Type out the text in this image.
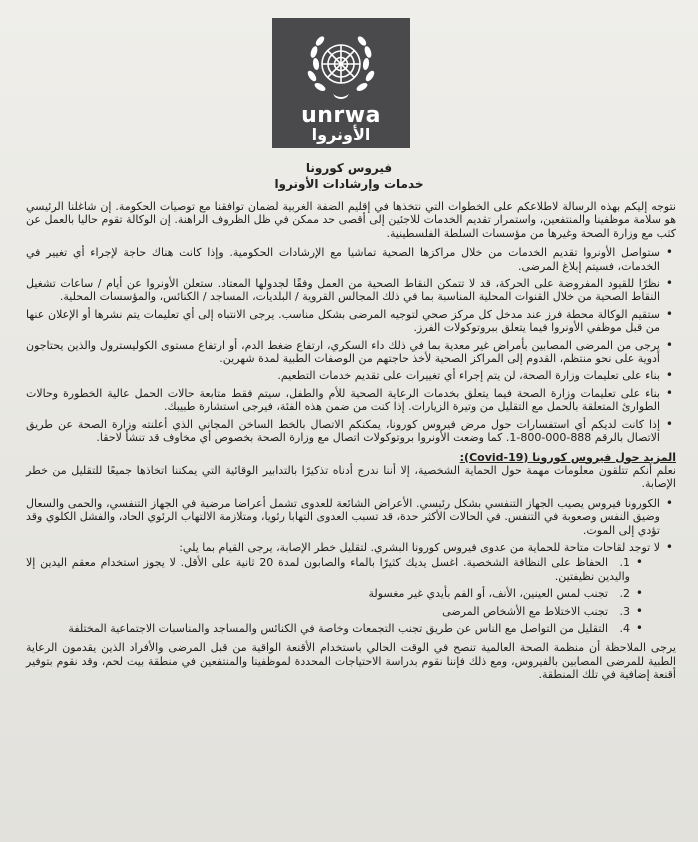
unrwa
الأونروا
فيروس كورونا
خدمات وإرشادات الأونروا

نتوجه إليكم بهذه الرسالة لاطلاعكم على الخطوات التي نتخذها في إقليم الضفة الغربية لضمان توافقنا مع توصيات الحكومة. إن شاغلنا الرئيسي هو سلامة موظفينا والمنتفعين، واستمرار تقديم الخدمات للاجئين إلى أقصى حد ممكن في ظل الظروف الراهنة. إن الوكالة تقوم حاليا بالعمل عن كثب مع وزارة الصحة وغيرها من مؤسسات السلطة الفلسطينية.

• ستواصل الأونروا تقديم الخدمات من خلال مراكزها الصحية تماشيا مع الإرشادات الحكومية. وإذا كانت هناك حاجة لإجراء أي تغيير في الخدمات، فسيتم إبلاغ المرضى.
• نظرًا للقيود المفروضة على الحركة، قد لا تتمكن النقاط الصحية من العمل وفقًا لجدولها المعتاد. ستعلن الأونروا عن أيام / ساعات تشغيل النقاط الصحية من خلال القنوات المحلية المناسبة بما في ذلك المجالس القروية / البلديات، المساجد / الكنائس، والمؤسسات المحلية.
• ستقيم الوكالة محطة فرز عند مدخل كل مركز صحي لتوجيه المرضى بشكل مناسب. يرجى الانتباه إلى أي تعليمات يتم نشرها أو الإعلان عنها من قبل موظفي الأونروا فيما يتعلق ببروتوكولات الفرز.
• يرجى من المرضى المصابين بأمراض غير معدية بما في ذلك داء السكري، ارتفاع ضغط الدم، أو ارتفاع مستوى الكوليسترول والذين يحتاجون أدوية على نحو منتظم، القدوم إلى المراكز الصحية لأخذ حاجتهم من الوصفات الطبية لمدة شهرين.
• بناء على تعليمات وزارة الصحة، لن يتم إجراء أي تغييرات على تقديم خدمات التطعيم.
• بناء على تعليمات وزارة الصحة فيما يتعلق بخدمات الرعاية الصحية للأم والطفل، سيتم فقط متابعة حالات الحمل عالية الخطورة وحالات الطوارئ المتعلقة بالحمل مع التقليل من وتيرة الزيارات. إذا كنت من ضمن هذه الفئة، فيرجى استشارة طبيبك.
• إذا كانت لديكم أي استفسارات حول مرض فيروس كورونا، يمكنكم الاتصال بالخط الساخن المجاني الذي أعلنته وزارة الصحة عن طريق الاتصال بالرقم 888-000-800-1. كما وضعت الأونروا بروتوكولات اتصال مع وزارة الصحة بخصوص أي مخاوف قد تنشأ لاحقا.
المزيد حول فيروس كورونا (Covid-19):

نعلم أنكم تتلقون معلومات مهمة حول الحماية الشخصية، إلا أننا ندرج أدناه تذكيرًا بالتدابير الوقائية التي يمكننا اتخاذها جميعًا للتقليل من خطر الإصابة.

• الكورونا فيروس يصيب الجهاز التنفسي بشكل رئيسي. الأعراض الشائعة للعدوى تشمل أعراضا مرضية في الجهاز التنفسي، والحمى والسعال وضيق النفس وصعوبة في التنفس. في الحالات الأكثر حدة، قد تسبب العدوى التهابا رئويا، ومتلازمة الالتهاب الرئوي الحاد، والفشل الكلوي وقد تؤدي إلى الموت.
• لا توجد لقاحات متاحة للحماية من عدوى فيروس كورونا البشري. لتقليل خطر الإصابة، يرجى القيام بما يلي:
• 1.الحفاظ على النظافة الشخصية. اغسل يديك كثيرًا بالماء والصابون لمدة 20 ثانية على الأقل. لا يجوز استخدام معقم اليدين إلا واليدين نظيفتين.
• 2.تجنب لمس العينين، الأنف، أو الفم بأيدي غير مغسولة
• 3.تجنب الاختلاط مع الأشخاص المرضى
• 4.التقليل من التواصل مع الناس عن طريق تجنب التجمعات وخاصة في الكنائس والمساجد والمناسبات الاجتماعية المختلفة

يرجى الملاحظة أن منظمة الصحة العالمية تنصح في الوقت الحالي باستخدام الأقنعة الواقية من قبل المرضى والأفراد الذين يقدمون الرعاية الطبية للمرضى المصابين بالفيروس، ومع ذلك فإننا نقوم بدراسة الاحتياجات المحددة لموظفينا والمنتفعين في منطقة بيت لحم، وقد نقوم بتوفير أقنعة إضافية في تلك المنطقة.
